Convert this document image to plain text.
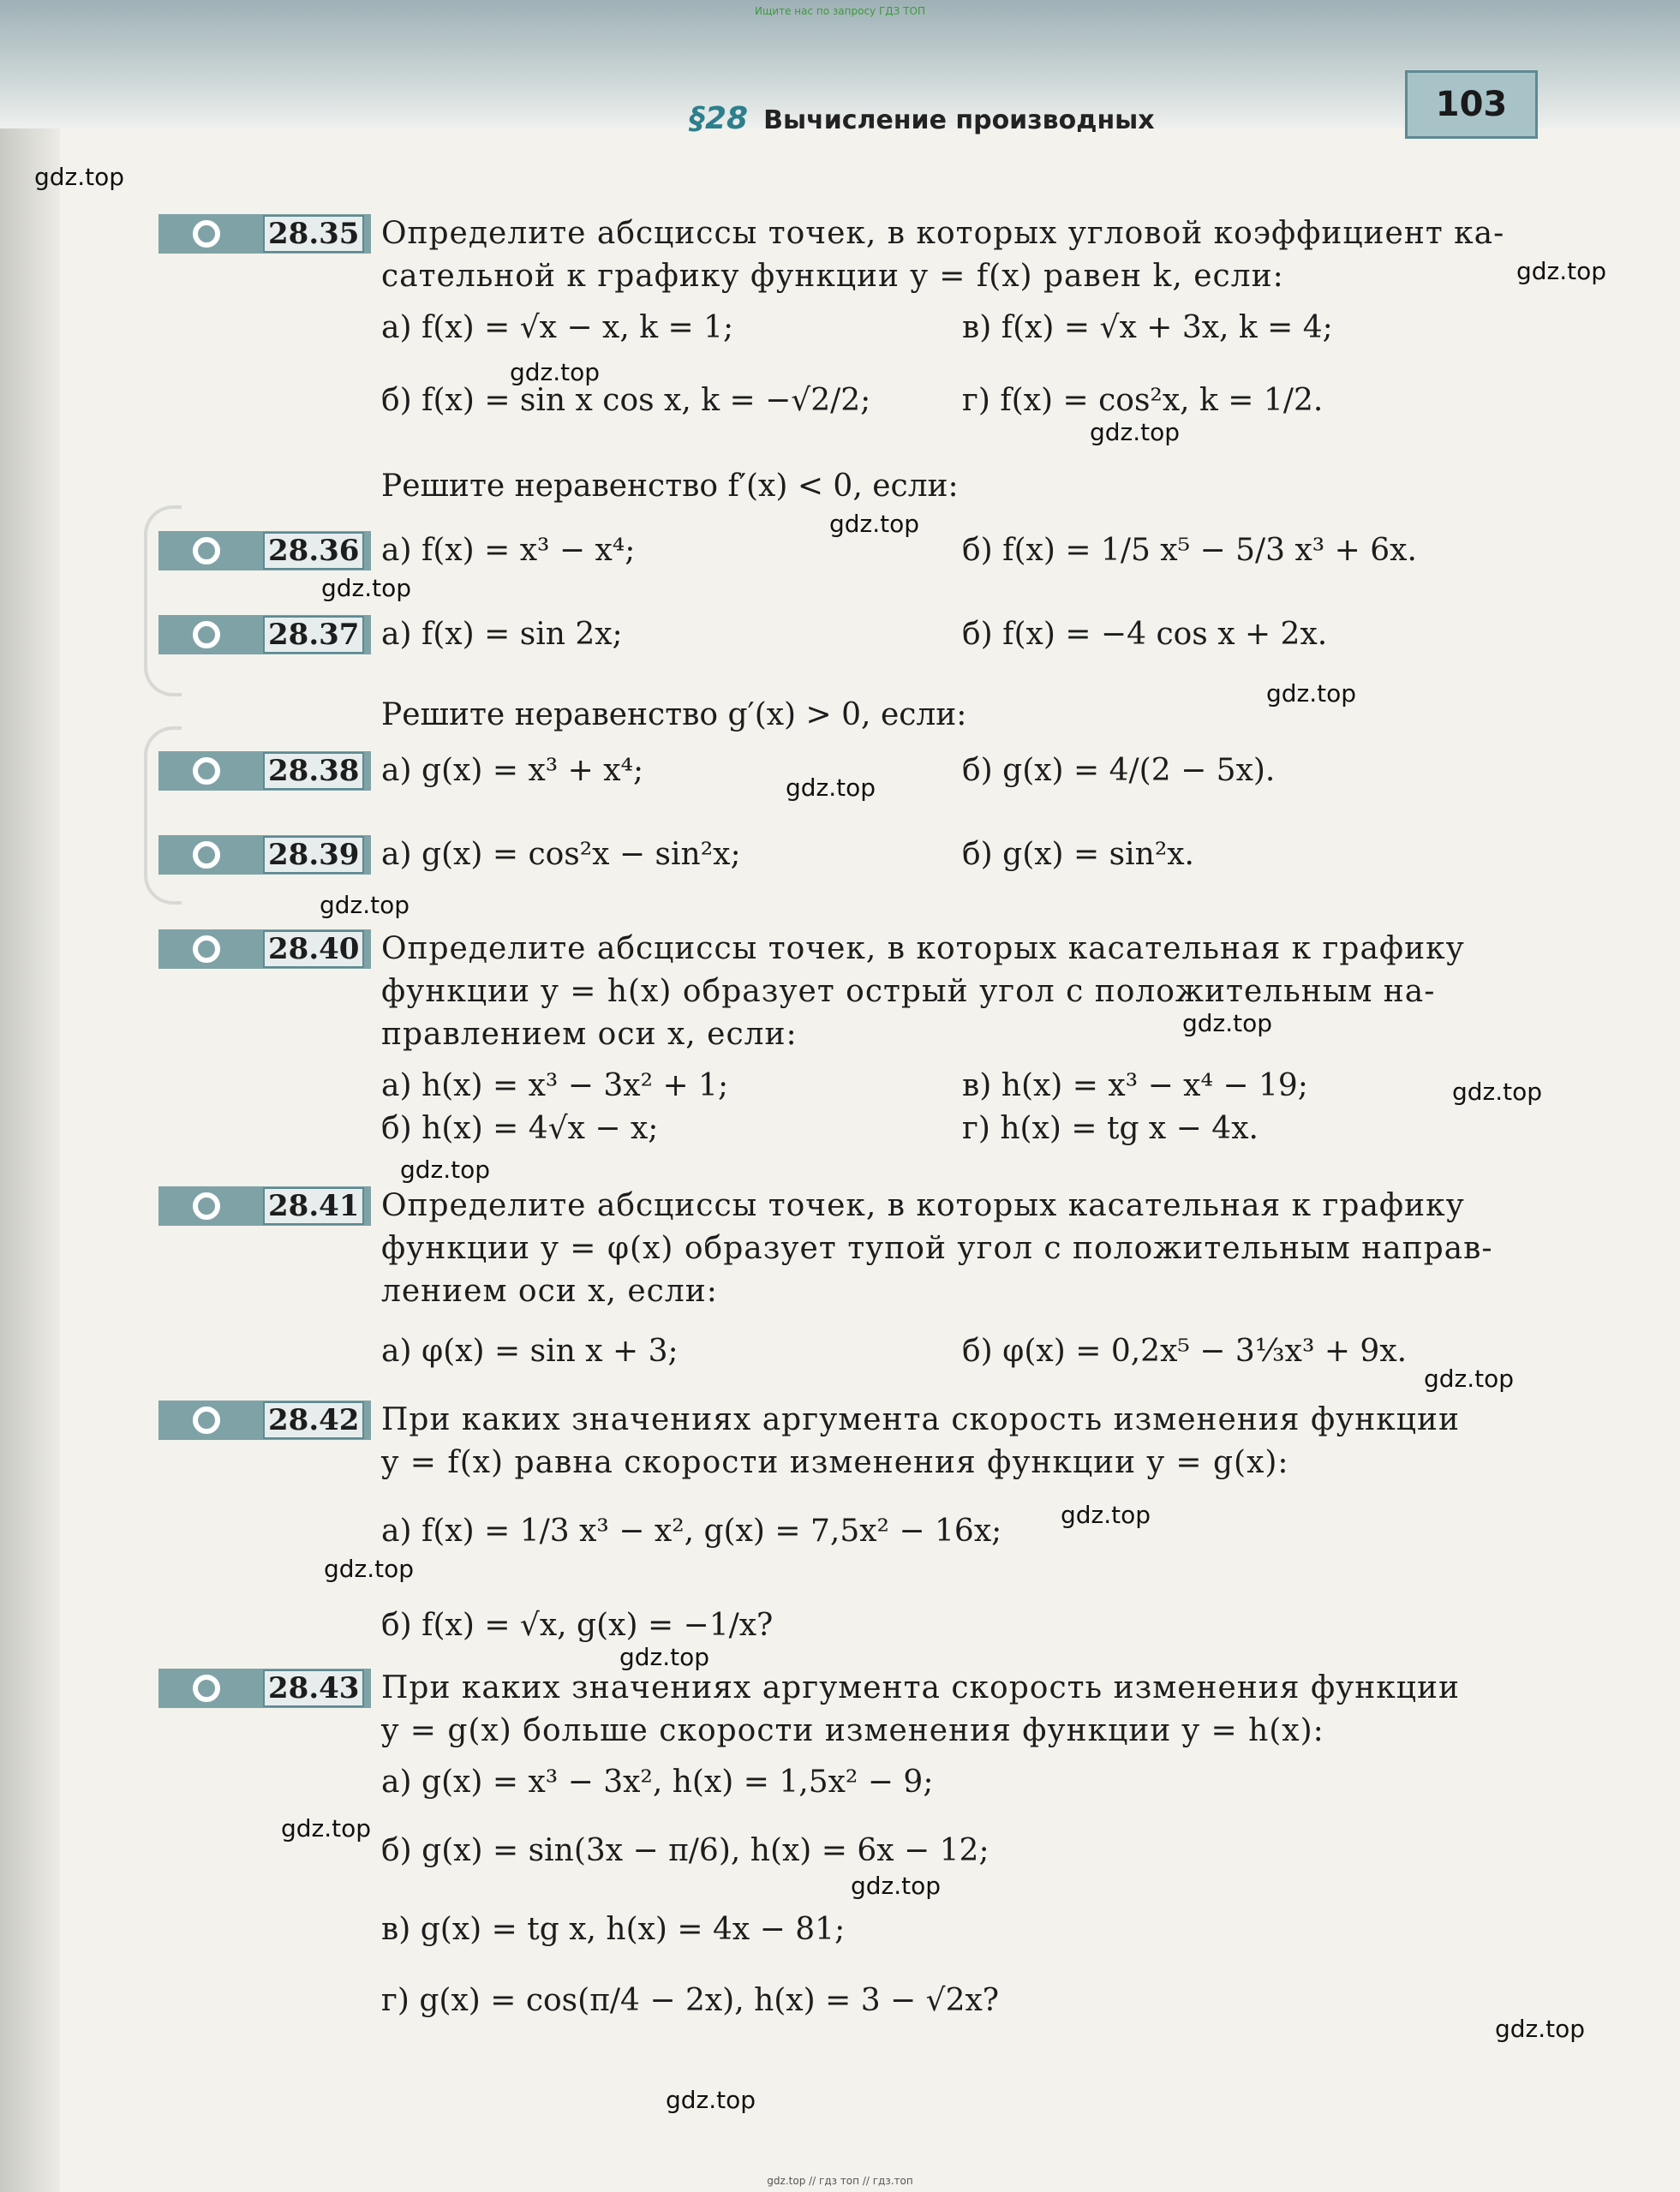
Ищите нас по запросу ГДЗ ТОП
§28 Вычисление производных	103
gdz.top
gdz.top
gdz.top
gdz.top
gdz.top
gdz.top
gdz.top
gdz.top
gdz.top
gdz.top
gdz.top
gdz.top
gdz.top
gdz.top
gdz.top
gdz.top
gdz.top
gdz.top
gdz.top
gdz.top
28.35 Определите абсциссы точек, в которых угловой коэффициент ка-
сательной к графику функции y = f(x) равен k, если:
а) f(x) = √x − x, k = 1;	в) f(x) = √x + 3x, k = 4;
б) f(x) = sin x cos x, k = −√2/2;	г) f(x) = cos²x, k = 1/2.
Решите неравенство f′(x) < 0, если:
28.36 а) f(x) = x³ − x⁴;	б) f(x) = 1/5 x⁵ − 5/3 x³ + 6x.
28.37 а) f(x) = sin 2x;	б) f(x) = −4 cos x + 2x.
Решите неравенство g′(x) > 0, если:
28.38 а) g(x) = x³ + x⁴;	б) g(x) = 4/(2 − 5x).
28.39 а) g(x) = cos²x − sin²x;	б) g(x) = sin²x.
28.40 Определите абсциссы точек, в которых касательная к графику
функции y = h(x) образует острый угол с положительным на-
правлением оси x, если:
а) h(x) = x³ − 3x² + 1;	в) h(x) = x³ − x⁴ − 19;
б) h(x) = 4√x − x;	г) h(x) = tg x − 4x.
28.41 Определите абсциссы точек, в которых касательная к графику
функции y = φ(x) образует тупой угол с положительным направ-
лением оси x, если:
а) φ(x) = sin x + 3;	б) φ(x) = 0,2x⁵ − 3⅓x³ + 9x.
28.42 При каких значениях аргумента скорость изменения функции
y = f(x) равна скорости изменения функции y = g(x):
а) f(x) = 1/3 x³ − x², g(x) = 7,5x² − 16x;
б) f(x) = √x, g(x) = −1/x?
28.43 При каких значениях аргумента скорость изменения функции
y = g(x) больше скорости изменения функции y = h(x):
а) g(x) = x³ − 3x², h(x) = 1,5x² − 9;
б) g(x) = sin(3x − π/6), h(x) = 6x − 12;
в) g(x) = tg x, h(x) = 4x − 81;
г) g(x) = cos(π/4 − 2x), h(x) = 3 − √2x?
gdz.top // гдз топ // гдз.топ
